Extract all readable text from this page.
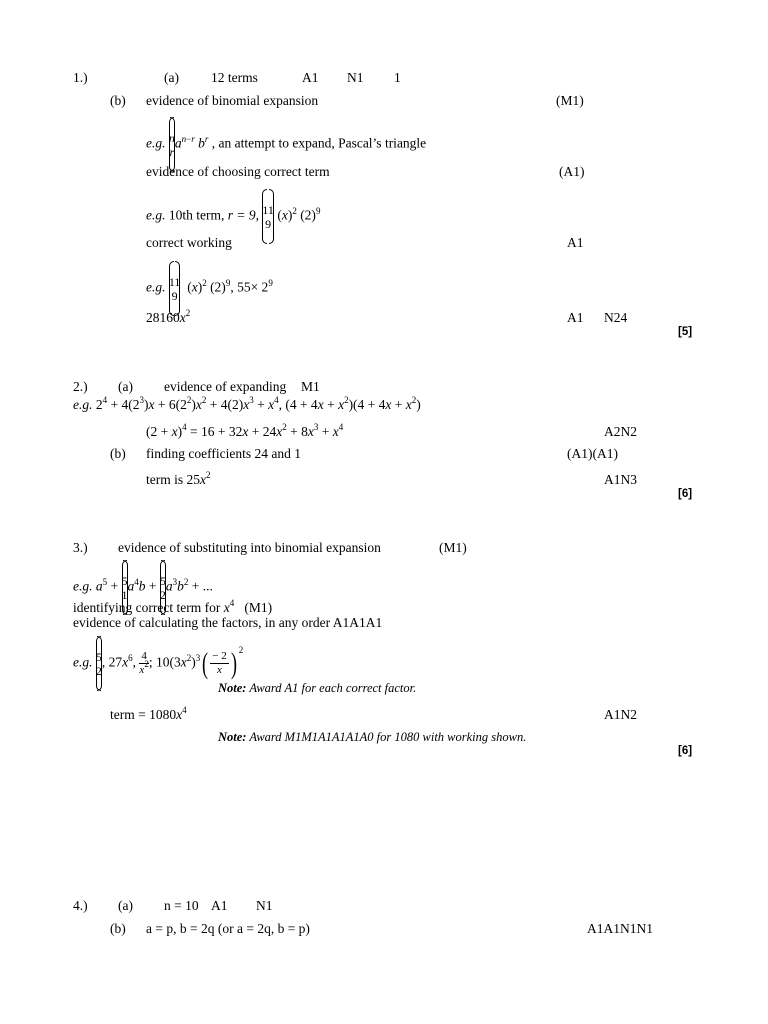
1.)	(a) 12 terms	A1 N1 1
(b) evidence of binomial expansion	(M1)
e.g. n
r
$a^{n-r}$ $b^r$ , an attempt to expand, Pascal’s triangle
evidence of choosing correct term	(A1)
e.g. 10th term, r = 9, 11
9
$(x)^2$ $(2)^9$
correct working	A1
e.g. 11
9
$(x)^2$ $(2)^9$, $55\times 2^9$
$28160x^2$	A1 N24
[5]
2.) (a) evidence of expanding M1
e.g. $2^4 + 4(2^3)x + 6(2^2)x^2 + 4(2)x^3 + x^4$, $(4 + 4x + x^2)(4 + 4x + x^2)$
$(2 + x)^4 = 16 + 32x + 24x^2 + 8x^3 + x^4$	A2N2
(b) finding coefficients 24 and 1	(A1)(A1)
term is $25x^2$	A1N3
[6]
3.) evidence of substituting into binomial expansion	(M1)
e.g. $a^5 + 5$
1
$a^4b + 5$
2
$a^3b^2$ + ...
identifying correct term for $x^4$ (M1)
evidence of calculating the factors, in any order A1A1A1
e.g. 5
2
, $27x^6$, $\frac{4}{x^2}$ ; $10(3x^2)^3( \frac{- 2}{x}$ ) $^2$
Note: Award A1 for each correct factor.
term = $1080x^4$	A1N2
Note: Award M1M1A1A1A1A0 for 1080 with working shown.
[6]
4.) (a) n = 10 A1 N1
(b) a = p, b = 2q (or a = 2q, b = p)	A1A1N1N1
